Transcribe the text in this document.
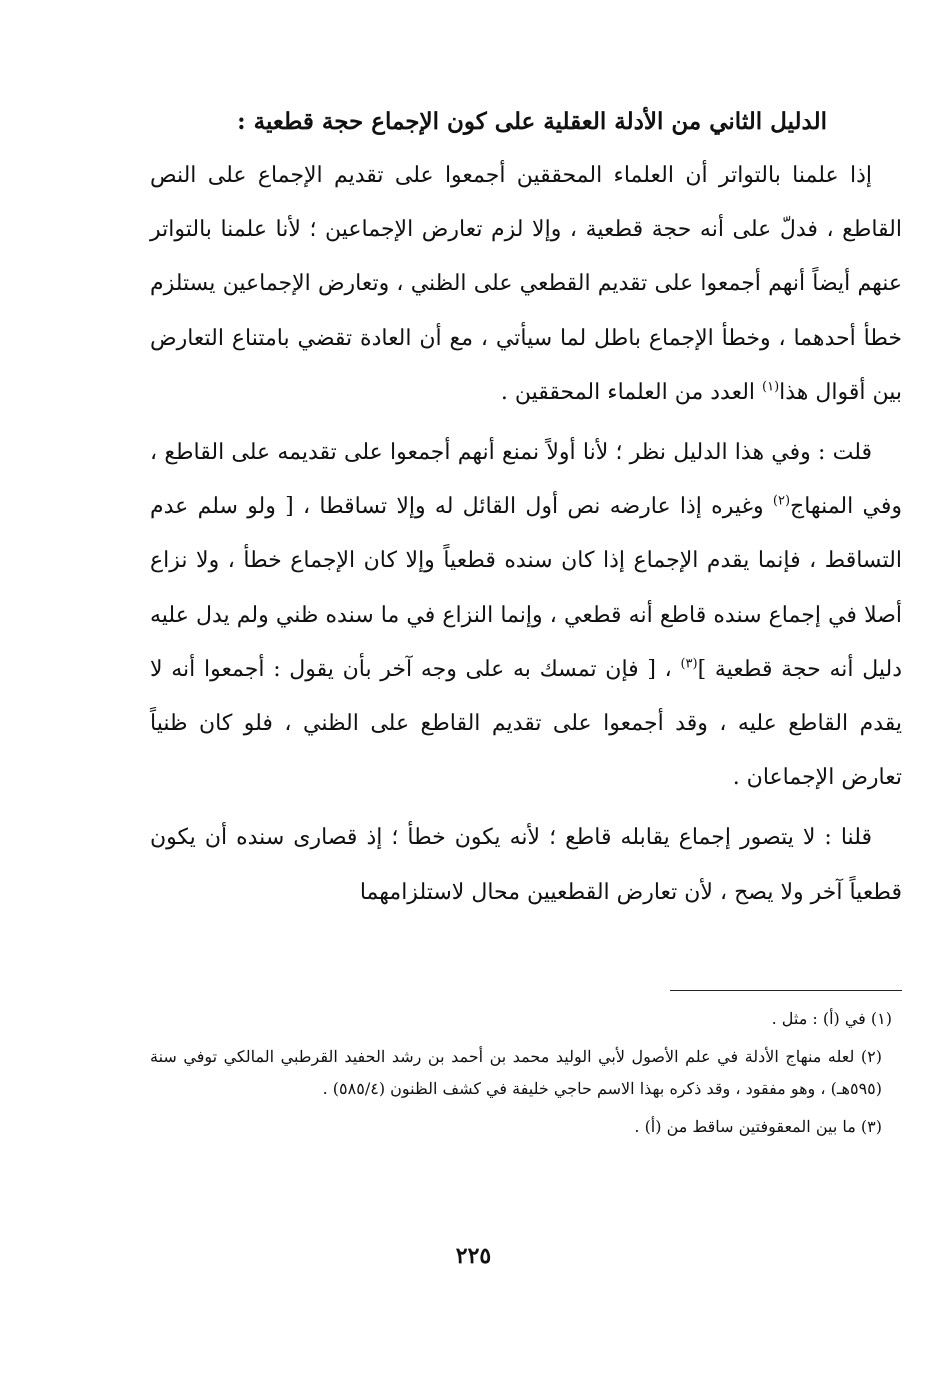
الدليل الثاني من الأدلة العقلية على كون الإجماع حجة قطعية :

إذا علمنا بالتواتر أن العلماء المحققين أجمعوا على تقديم الإجماع على النص القاطع ، فدلّ على أنه حجة قطعية ، وإلا لزم تعارض الإجماعين ؛ لأنا علمنا بالتواتر عنهم أيضاً أنهم أجمعوا على تقديم القطعي على الظني ، وتعارض الإجماعين يستلزم خطأ أحدهما ، وخطأ الإجماع باطل لما سيأتي ، مع أن العادة تقضي بامتناع التعارض بين أقوال هذا$^{(١)}$ العدد من العلماء المحققين .

قلت : وفي هذا الدليل نظر ؛ لأنا أولاً نمنع أنهم أجمعوا على تقديمه على القاطع ، وفي المنهاج$^{(٢)}$ وغيره إذا عارضه نص أول القائل له وإلا تساقطا ، [ ولو سلم عدم التساقط ، فإنما يقدم الإجماع إذا كان سنده قطعياً وإلا كان الإجماع خطأ ، ولا نزاع أصلا في إجماع سنده قاطع أنه قطعي ، وإنما النزاع في ما سنده ظني ولم يدل عليه دليل أنه حجة قطعية ]$^{(٣)}$ ، [ فإن تمسك به على وجه آخر بأن يقول : أجمعوا أنه لا يقدم القاطع عليه ، وقد أجمعوا على تقديم القاطع على الظني ، فلو كان ظنياً تعارض الإجماعان .

قلنا : لا يتصور إجماع يقابله قاطع ؛ لأنه يكون خطأ ؛ إذ قصارى سنده أن يكون قطعياً آخر ولا يصح ، لأن تعارض القطعيين محال لاستلزامهما

(١) في (أ) : مثل .

(٢) لعله منهاج الأدلة في علم الأصول لأبي الوليد محمد بن أحمد بن رشد الحفيد القرطبي المالكي توفي سنة (٥٩٥هـ) ، وهو مفقود ، وقد ذكره بهذا الاسم حاجي خليفة في كشف الظنون (٥٨٥/٤) .

(٣) ما بين المعقوفتين ساقط من (أ) .

٢٢٥
